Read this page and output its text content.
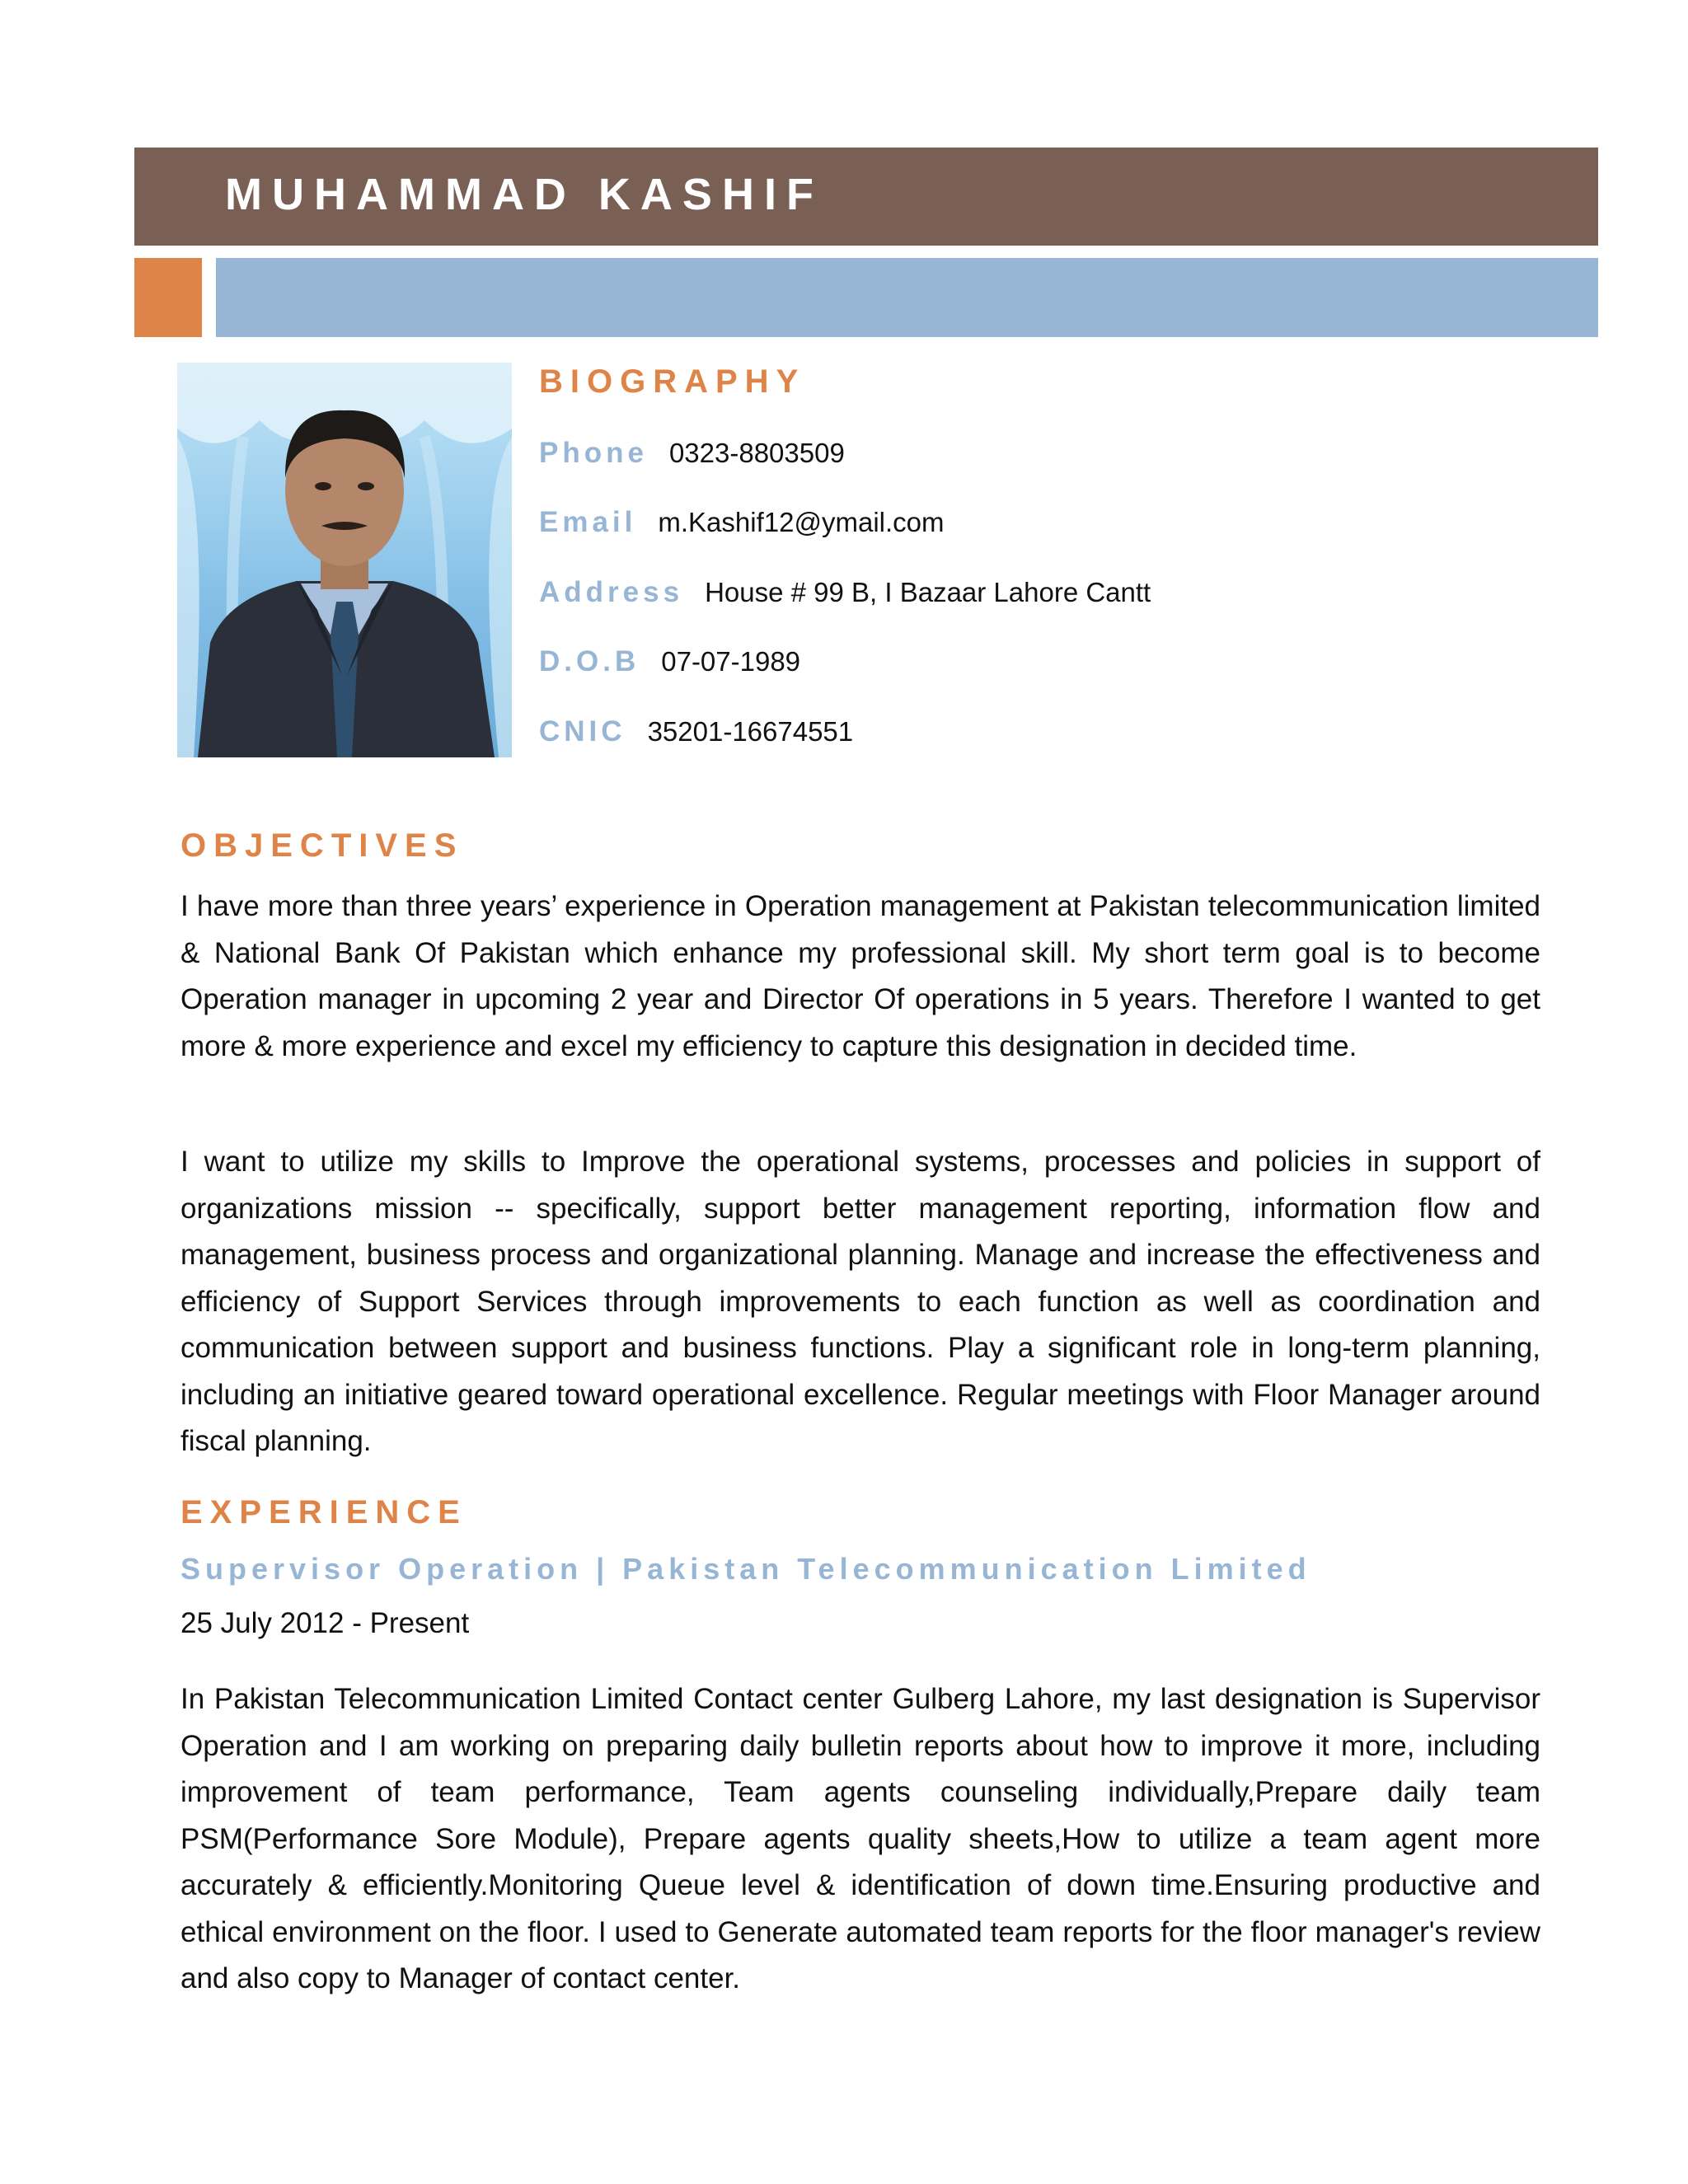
MUHAMMAD KASHIF
BIOGRAPHY
Phone 0323-8803509
Email m.Kashif12@ymail.com
Address House # 99 B, I Bazaar Lahore Cantt
D.O.B 07-07-1989
CNIC 35201-16674551
OBJECTIVES

I have more than three years’ experience in Operation management at Pakistan telecommunication limited & National Bank Of Pakistan which enhance my professional skill. My short term goal is to become Operation manager in upcoming 2 year and Director Of operations in 5 years. Therefore I wanted to get more & more experience and excel my efficiency to capture this designation in decided time.

I want to utilize my skills to Improve the operational systems, processes and policies in support of organizations mission -- specifically, support better management reporting, information flow and management, business process and organizational planning. Manage and increase the effectiveness and efficiency of Support Services through improvements to each function as well as coordination and communication between support and business functions. Play a significant role in long-term planning, including an initiative geared toward operational excellence. Regular meetings with Floor Manager around fiscal planning.

EXPERIENCE
Supervisor Operation | Pakistan Telecommunication Limited
25 July 2012 - Present

In Pakistan Telecommunication Limited Contact center Gulberg Lahore, my last designation is Supervisor Operation and I am working on preparing daily bulletin reports about how to improve it more, including improvement of team performance, Team agents counseling individually,Prepare daily team PSM(Performance Sore Module), Prepare agents quality sheets,How to utilize a team agent more accurately & efficiently.Monitoring Queue level & identification of down time.Ensuring productive and ethical environment on the floor. I used to Generate automated team reports for the floor manager's review and also copy to Manager of contact center.
